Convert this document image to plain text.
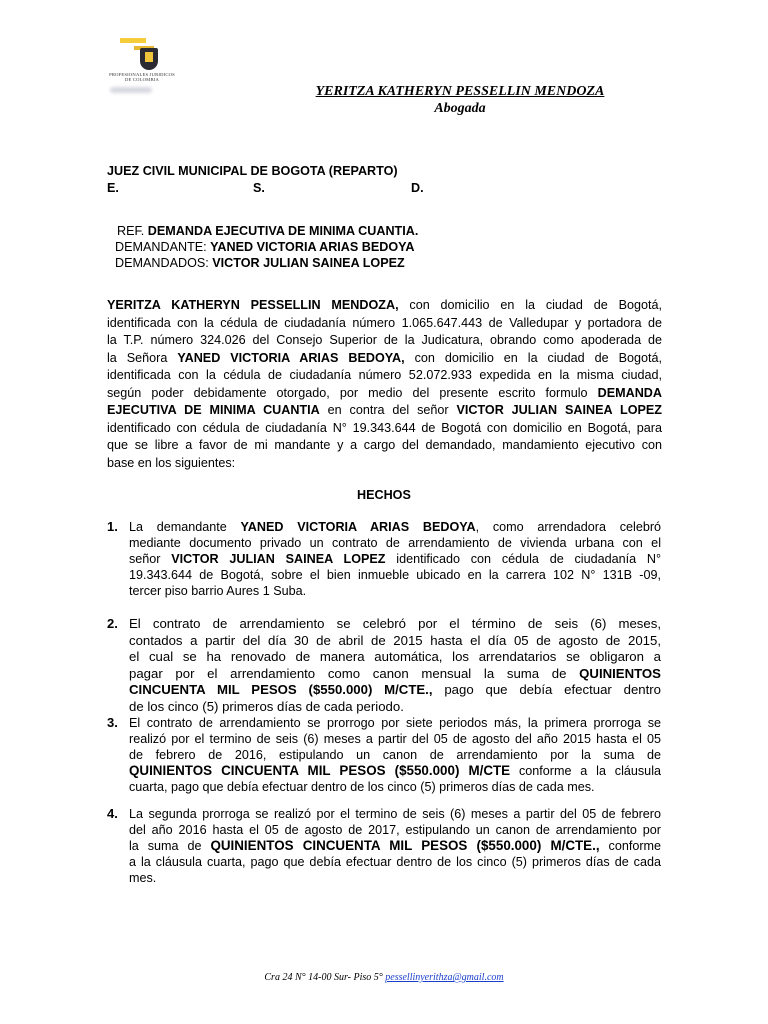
PROFESIONALES JURIDICOS DE COLOMBIA
YERITZA KATHERYN PESSELLIN MENDOZA
Abogada
JUEZ CIVIL MUNICIPAL DE BOGOTA (REPARTO)
E.	S.	D.
REF. DEMANDA EJECUTIVA DE MINIMA CUANTIA.
DEMANDANTE: YANED VICTORIA ARIAS BEDOYA
DEMANDADOS: VICTOR JULIAN SAINEA LOPEZ
YERITZA KATHERYN PESSELLIN MENDOZA, con domicilio en la ciudad de Bogotá,
identificada con la cédula de ciudadanía número 1.065.647.443 de Valledupar y portadora de
la T.P. número 324.026 del Consejo Superior de la Judicatura, obrando como apoderada de
la Señora YANED VICTORIA ARIAS BEDOYA, con domicilio en la ciudad de Bogotá,
identificada con la cédula de ciudadanía número 52.072.933 expedida en la misma ciudad,
según poder debidamente otorgado, por medio del presente escrito formulo DEMANDA
EJECUTIVA DE MINIMA CUANTIA en contra del señor VICTOR JULIAN SAINEA LOPEZ
identificado con cédula de ciudadanía N° 19.343.644 de Bogotá con domicilio en Bogotá, para
que se libre a favor de mi mandante y a cargo del demandado, mandamiento ejecutivo con
base en los siguientes:
HECHOS
1. La demandante YANED VICTORIA ARIAS BEDOYA, como arrendadora celebró
mediante documento privado un contrato de arrendamiento de vivienda urbana con el
señor VICTOR JULIAN SAINEA LOPEZ identificado con cédula de ciudadanía N°
19.343.644 de Bogotá, sobre el bien inmueble ubicado en la carrera 102 N° 131B -09,
tercer piso barrio Aures 1 Suba.
2. El contrato de arrendamiento se celebró por el término de seis (6) meses,
contados a partir del día 30 de abril de 2015 hasta el día 05 de agosto de 2015,
el cual se ha renovado de manera automática, los arrendatarios se obligaron a
pagar por el arrendamiento como canon mensual la suma de QUINIENTOS
CINCUENTA MIL PESOS ($550.000) M/CTE., pago que debía efectuar dentro
de los cinco (5) primeros días de cada periodo.
3. El contrato de arrendamiento se prorrogo por siete periodos más, la primera prorroga se
realizó por el termino de seis (6) meses a partir del 05 de agosto del año 2015 hasta el 05
de febrero de 2016, estipulando un canon de arrendamiento por la suma de
QUINIENTOS CINCUENTA MIL PESOS ($550.000) M/CTE conforme a la cláusula
cuarta, pago que debía efectuar dentro de los cinco (5) primeros días de cada mes.
4. La segunda prorroga se realizó por el termino de seis (6) meses a partir del 05 de febrero
del año 2016 hasta el 05 de agosto de 2017, estipulando un canon de arrendamiento por
la suma de QUINIENTOS CINCUENTA MIL PESOS ($550.000) M/CTE., conforme
a la cláusula cuarta, pago que debía efectuar dentro de los cinco (5) primeros días de cada
mes.
Cra 24 N° 14-00 Sur- Piso 5° pessellinyerithza@gmail.com
